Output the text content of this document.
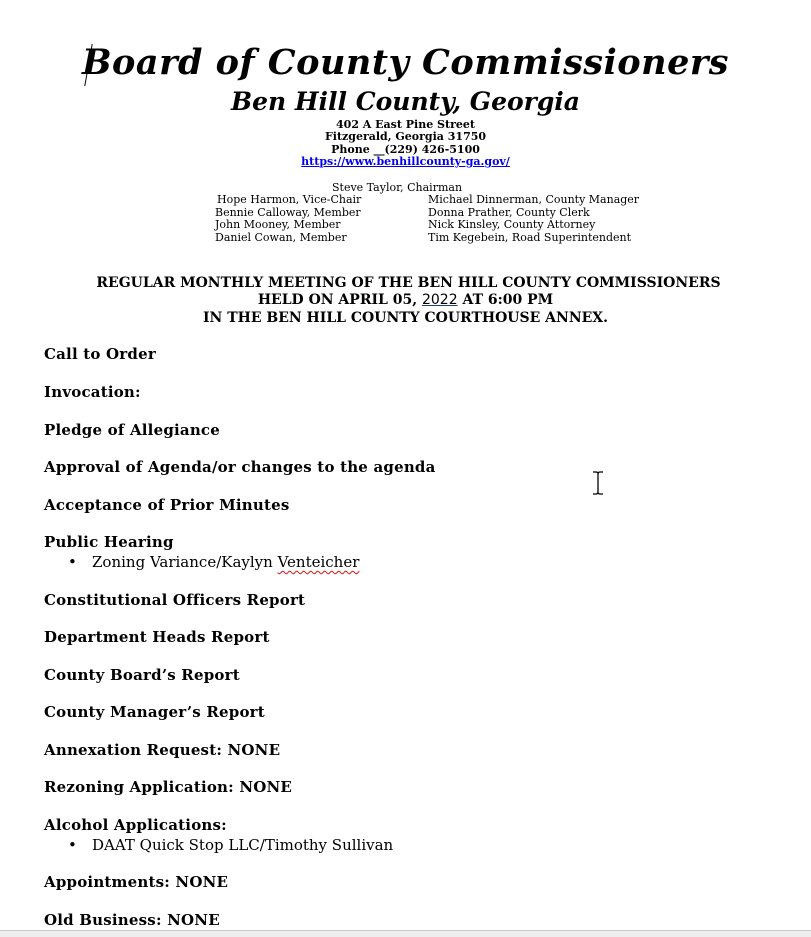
Board of County Commissioners
Ben Hill County, Georgia
402 A East Pine Street
Fitzgerald, Georgia 31750
Phone __(229) 426-5100
https://www.benhillcounty-ga.gov/
Steve Taylor, Chairman
Hope Harmon, Vice-Chair
Bennie Calloway, Member
John Mooney, Member
Daniel Cowan, Member
Michael Dinnerman, County Manager
Donna Prather, County Clerk
Nick Kinsley, County Attorney
Tim Kegebein, Road Superintendent
REGULAR MONTHLY MEETING OF THE BEN HILL COUNTY COMMISSIONERS
HELD ON APRIL 05, 2022 AT 6:00 PM
IN THE BEN HILL COUNTY COURTHOUSE ANNEX.
Call to Order
Invocation:
Pledge of Allegiance
Approval of Agenda/or changes to the agenda
Acceptance of Prior Minutes
Public Hearing
• Zoning Variance/Kaylyn Venteicher
Constitutional Officers Report
Department Heads Report
County Board’s Report
County Manager’s Report
Annexation Request: NONE
Rezoning Application: NONE
Alcohol Applications:
• DAAT Quick Stop LLC/Timothy Sullivan
Appointments: NONE
Old Business: NONE
